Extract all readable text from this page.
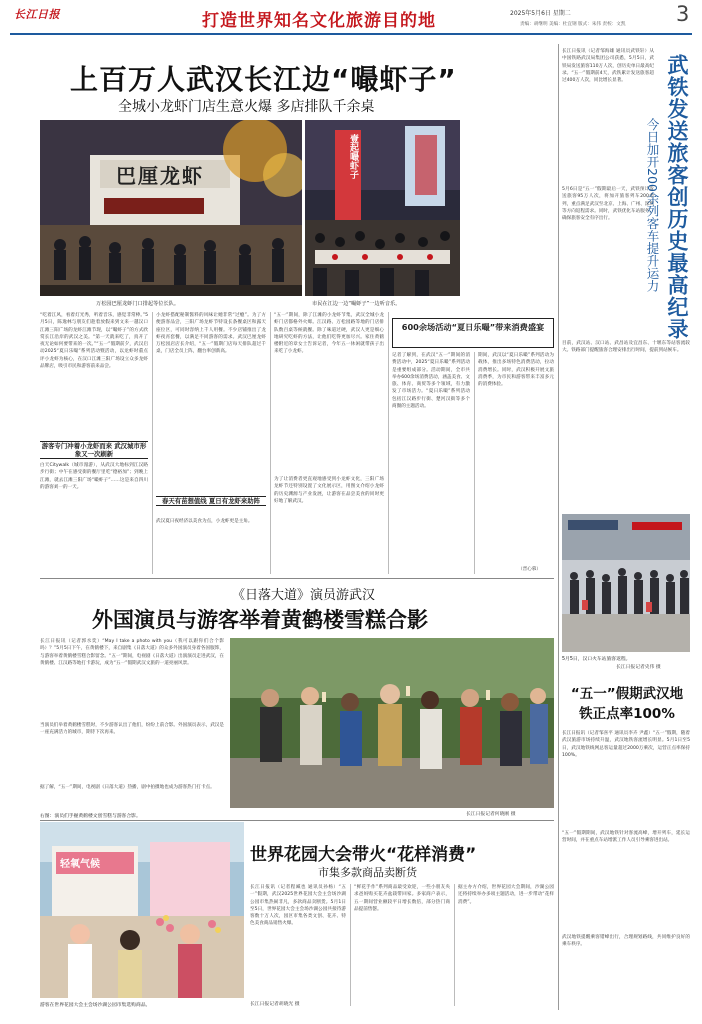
长江日报	打造世界知名文化旅游目的地	2025年5月6日 星期二
责编：胡继明 美编：杜宜钢 版式：朱伟 责校：文凯 3
上百万人武汉长江边“嘬虾子”
全城小龙虾门店生意火爆 多店排队千余桌
巴厘龙虾
万松园巴厘龙虾门口排起等位长队。
壹起嘬虾子
市民在江边一边“嘬虾子”一边听音乐。
“吃着江风，看着灯光秀，听着音乐，感觉非常棒。”5月5日，陈逸林与朋友们趁着放假来到文来一越汉口江滩三阳广场的龙虾江滩节现，以“嘬虾子”的方式欣赏长江沿岸的武汉之美。“第一天就来吃了，真开了夜无论如何要带来的一次。”“五一”假期前夕，武汉启动2025“夏日乐嘬”系列活动暨活动，以龙虾时董点评小龙虾为核心，在汉口江滩三阳广场设立众多龙虾品牌店，吸引市民和游客前来品尝。
游客专门冲着小龙虾而来 武汉城市形象又一次刷新
白天Citywalk（城市漫游），从武汉大地标到江汉路步行街；中午在感受街的餐厅里吃“德裕加”；到晚上江滩，就去江滩三阳广场“嘬虾子”……这是来自四川的游客刘一的一天。
小龙虾搭配秘制酱料的风味让她非常“过瘾”。为了方便游客品尝，三阳广场龙虾节特设长条餐桌区和露天座位区，可同时容纳上千人用餐。不少店铺推出了龙虾夜宵套餐，以满足不同游客的需求。武汉巴厘龙虾万松园店店长介绍，“五一”假期门店每天排队超过千桌，门店全员上阵，翻台率创新高。
春天有苗想值线 夏日有龙虾来助阵
武汉夏日夜经济以美食为点，小龙虾更是主角。
“五一”期间，除了江滩的小龙虾节集，武汉全城小龙虾门店都格外火爆。江汉路、万松园路等地的门店排队数百桌等候就餐。除了味道过硬，武汉人更是细心地研究吃虾的方法，让他们吃得更加尽兴。家住黄鹤楼附近的章女士告诉记者，今年五一休闲就带孩子出来吃了小龙虾。
为了让消费者更直观地感受到小龙虾文化，三阳广场龙虾节还特别设置了文化展示区，用图文介绍小龙虾的历史渊源与产业发展，让游客在品尝美食的同时更好地了解武汉。
600余场活动“夏日乐嘬”带来消费盛宴
记者了解到，在武汉“五一”期间的消费活动中，2025“夏日乐嘬”系列活动是重要组成部分。活动期间，全市共举办600余场消费活动，涵盖美食、文旅、体育、商贸等多个领域，有力激发了市场活力。“夏日乐嘬”系列活动包括江汉路步行街、楚河汉街等多个商圈的主题活动。
期间，武汉以“夏日乐嘬”系列活动为载体，推出多场特色消费活动，拉动消费增长。同时，武汉积极开展文旅消费季，为市民和游客带来丰富多元的消费体验。
（晋心慕）
《日落大道》演员游武汉
外国演员与游客举着黄鹤楼雪糕合影
长江日报讯（记者郭水奕）“May I take a photo with you（我可以跟你们合个影吗）？”5月5日下午，在黄鹤楼下，来自剧集《日落大道》的众多外国演员身着各国服饰，与游客举着黄鹤楼雪糕合影留念。“五一”期间，电视剧《日落大道》出演演员走进武汉，在黄鹤楼、江汉路等地打卡游玩，成为“五一”假期武汉文旅的一道亮丽风景。
当演员们举着黄鹤楼雪糕时，不少游客认出了他们，纷纷上前合影。外国演员表示，武汉是一座充满活力的城市，期待下次再来。
据了解，“五一”期间，电视剧《日落大道》热播，剧中拍摄地也成为游客热门打卡点。
右图：演员们手握黄鹤楼文创雪糕与游客合影。	长江日报记者何晓刚 摄
轻氧气候
游客在世界花园大会主会场沙湖公园市集选购商品。
世界花园大会带火“花样消费”
市集多款商品卖断货
长江日报讯（记者程臧也 通讯员孙杨）“五一”假期，武汉2025世界花园大会主会场沙湖公园市集热闹非凡，多款商品卖断货。5月1日至5日，世界花园大会主会场沙湖公园共接待游客数十万人次，园区市集各类文创、花卉、特色美食商品销售火爆。
长江日报记者胡晓光 摄
“鲜花手作”系列商品最受欢迎，一些小朋友央求爸妈购买花卉盆栽带回家。多家商户表示，五一期间营业额较平日增长数倍，部分热门商品提前售罄。
据主办方介绍，世界花园大会期间，沙湖公园还将持续举办多项主题活动，进一步带动“花样消费”。
长江日报讯（记者邹海雄 通讯员武铁轩）从中国铁路武汉局集团公司获悉，5月5日，武铁局发送旅客110万人次，创历史单日最高纪录。“五一”假期前4天，武铁累计发送旅客超过400万人次，同比增长显著。
5月6日是“五一”假期最后一天，武铁预计发送旅客95万人次，将加开旅客列车200余列，重点满足武汉至北京、上海、广州、深圳等方向返程需求。同时，武铁优化车站服务，确保旅客安全有序出行。	武铁发送旅客创历史最高纪录
今日加开200余列客车提升运力
目前，武汉站、汉口站、武昌站及宜昌东、十堰东等站客流较大。铁路部门提醒旅客合理安排出行时间，提前到站候车。
5月5日，汉口火车站旅客返程。
长江日报记者史伟 摄
“五一”假期武汉地铁正点率100%
长江日报讯（记者邹喜平 通讯员李卉 尹鑫）“五一”假期，随着武汉旅游市场持续升温，武汉地铁客流增长明显。5月1日至5日，武汉地铁线网总客运量超过2000万乘次，运营正点率保持100%。
“五一”假期期间，武汉地铁针对客流高峰，增开列车，延长运营时间，并在重点车站增派工作人员引导乘客进出站。
武汉地铁提醒乘客错峰出行，合理规划路线，共同维护良好的乘车秩序。
